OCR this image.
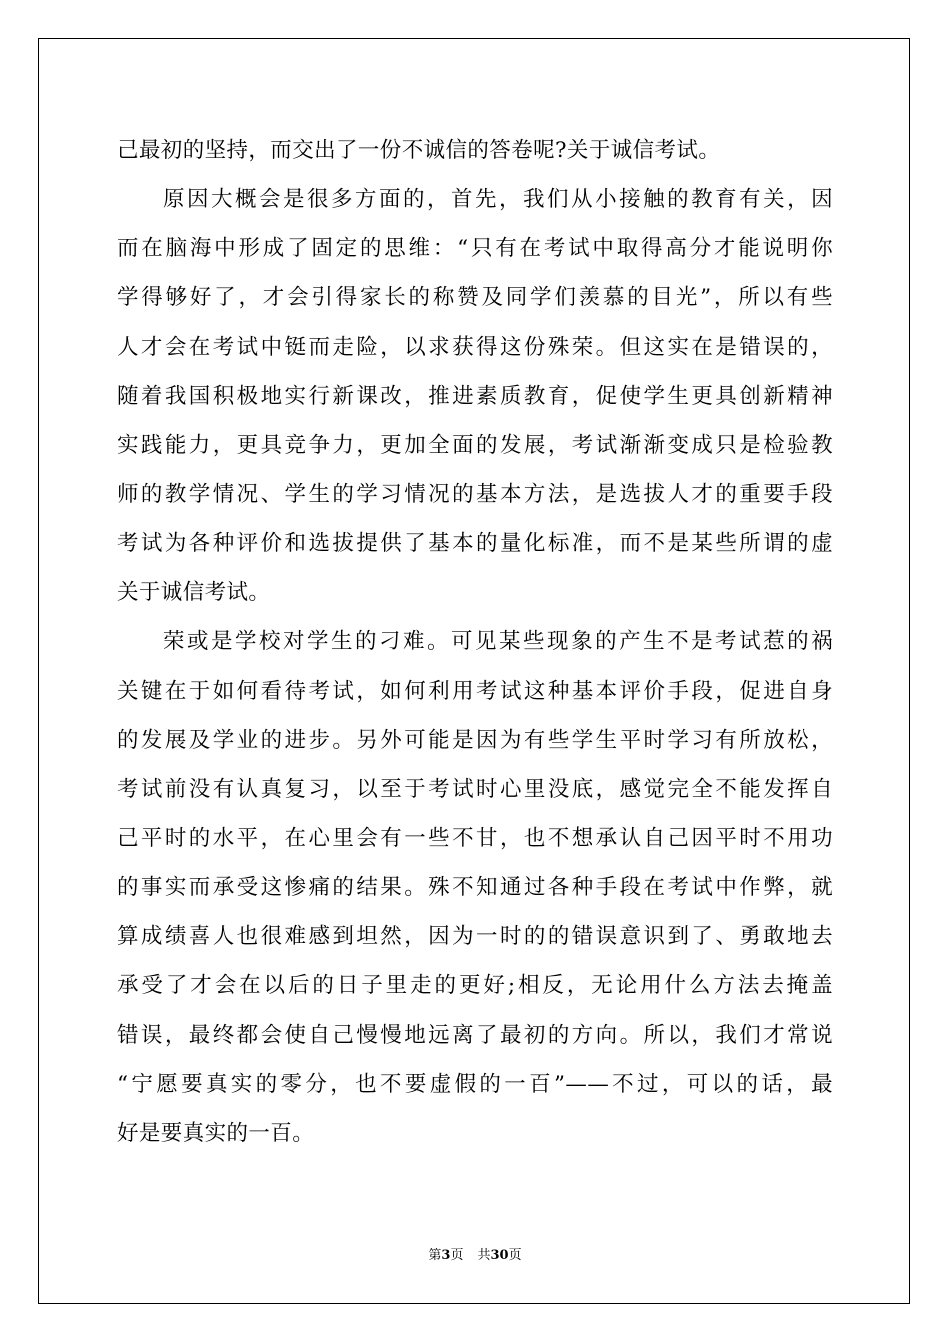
己最初的坚持，而交出了一份不诚信的答卷呢?关于诚信考试。
原因大概会是很多方面的，首先，我们从小接触的教育有关，因
而在脑海中形成了固定的思维：“只有在考试中取得高分才能说明你
学得够好了，才会引得家长的称赞及同学们羡慕的目光”，所以有些
人才会在考试中铤而走险，以求获得这份殊荣。但这实在是错误的，
随着我国积极地实行新课改，推进素质教育，促使学生更具创新精神
实践能力，更具竞争力，更加全面的发展，考试渐渐变成只是检验教
师的教学情况、学生的学习情况的基本方法，是选拔人才的重要手段
考试为各种评价和选拔提供了基本的量化标准，而不是某些所谓的虚
关于诚信考试。
荣或是学校对学生的刁难。可见某些现象的产生不是考试惹的祸
关键在于如何看待考试，如何利用考试这种基本评价手段，促进自身
的发展及学业的进步。另外可能是因为有些学生平时学习有所放松，
考试前没有认真复习，以至于考试时心里没底，感觉完全不能发挥自
己平时的水平，在心里会有一些不甘，也不想承认自己因平时不用功
的事实而承受这惨痛的结果。殊不知通过各种手段在考试中作弊，就
算成绩喜人也很难感到坦然，因为一时的的错误意识到了、勇敢地去
承受了才会在以后的日子里走的更好;相反，无论用什么方法去掩盖
错误，最终都会使自己慢慢地远离了最初的方向。所以，我们才常说
“宁愿要真实的零分，也不要虚假的一百”——不过，可以的话，最
好是要真实的一百。
第3页 共30页
